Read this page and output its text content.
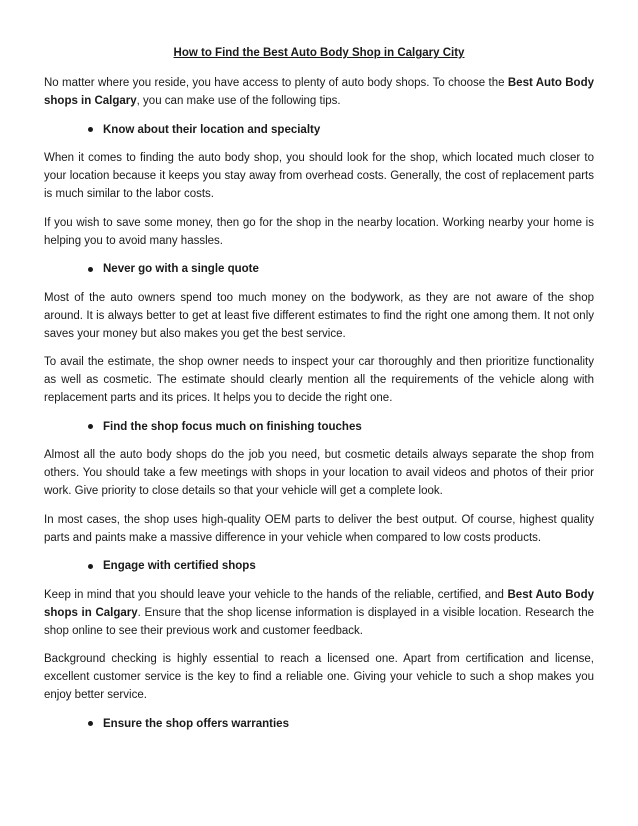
How to Find the Best Auto Body Shop in Calgary City

No matter where you reside, you have access to plenty of auto body shops. To choose the Best Auto Body shops in Calgary, you can make use of the following tips.

Know about their location and specialty

When it comes to finding the auto body shop, you should look for the shop, which located much closer to your location because it keeps you stay away from overhead costs. Generally, the cost of replacement parts is much similar to the labor costs.

If you wish to save some money, then go for the shop in the nearby location. Working nearby your home is helping you to avoid many hassles.

Never go with a single quote

Most of the auto owners spend too much money on the bodywork, as they are not aware of the shop around. It is always better to get at least five different estimates to find the right one among them. It not only saves your money but also makes you get the best service.

To avail the estimate, the shop owner needs to inspect your car thoroughly and then prioritize functionality as well as cosmetic. The estimate should clearly mention all the requirements of the vehicle along with replacement parts and its prices. It helps you to decide the right one.

Find the shop focus much on finishing touches

Almost all the auto body shops do the job you need, but cosmetic details always separate the shop from others. You should take a few meetings with shops in your location to avail videos and photos of their prior work. Give priority to close details so that your vehicle will get a complete look.

In most cases, the shop uses high-quality OEM parts to deliver the best output. Of course, highest quality parts and paints make a massive difference in your vehicle when compared to low costs products.

Engage with certified shops

Keep in mind that you should leave your vehicle to the hands of the reliable, certified, and Best Auto Body shops in Calgary. Ensure that the shop license information is displayed in a visible location. Research the shop online to see their previous work and customer feedback.

Background checking is highly essential to reach a licensed one. Apart from certification and license, excellent customer service is the key to find a reliable one. Giving your vehicle to such a shop makes you enjoy better service.

Ensure the shop offers warranties
